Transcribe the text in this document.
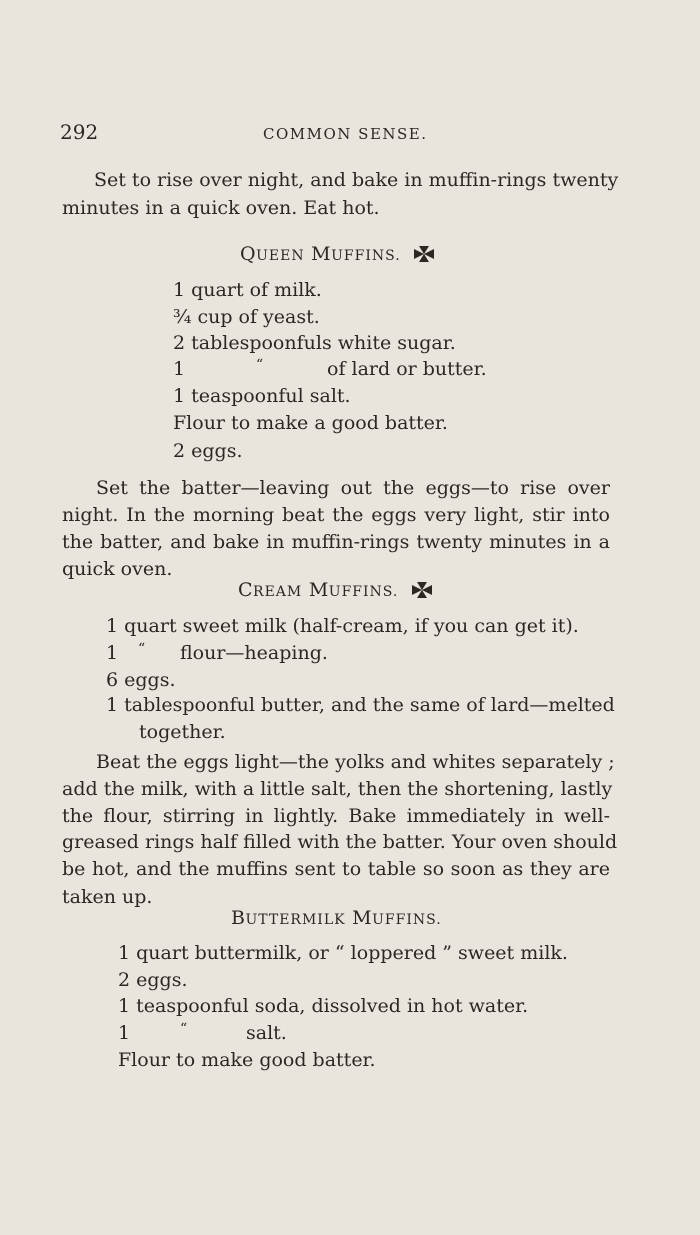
292	COMMON SENSE.
Set to rise over night, and bake in muffin-rings twenty
minutes in a quick oven. Eat hot.
QUEEN MUFFINS.
1 quart of milk.
¾ cup of yeast.
2 tablespoonfuls white sugar.
1	“	of lard or butter.
1 teaspoonful salt.
Flour to make a good batter.
2 eggs.
Set the batter—leaving out the eggs—to rise over
night. In the morning beat the eggs very light, stir into
the batter, and bake in muffin-rings twenty minutes in a
quick oven.
CREAM MUFFINS.
1 quart sweet milk (half-cream, if you can get it).
1 “ flour—heaping.
6 eggs.
1 tablespoonful butter, and the same of lard—melted
together.
Beat the eggs light—the yolks and whites separately ;
add the milk, with a little salt, then the shortening, lastly
the flour, stirring in lightly. Bake immediately in well-
greased rings half filled with the batter. Your oven should
be hot, and the muffins sent to table so soon as they are
taken up.
BUTTERMILK MUFFINS.
1 quart buttermilk, or “ loppered ” sweet milk.
2 eggs.
1 teaspoonful soda, dissolved in hot water.
1	“	salt.
Flour to make good batter.
